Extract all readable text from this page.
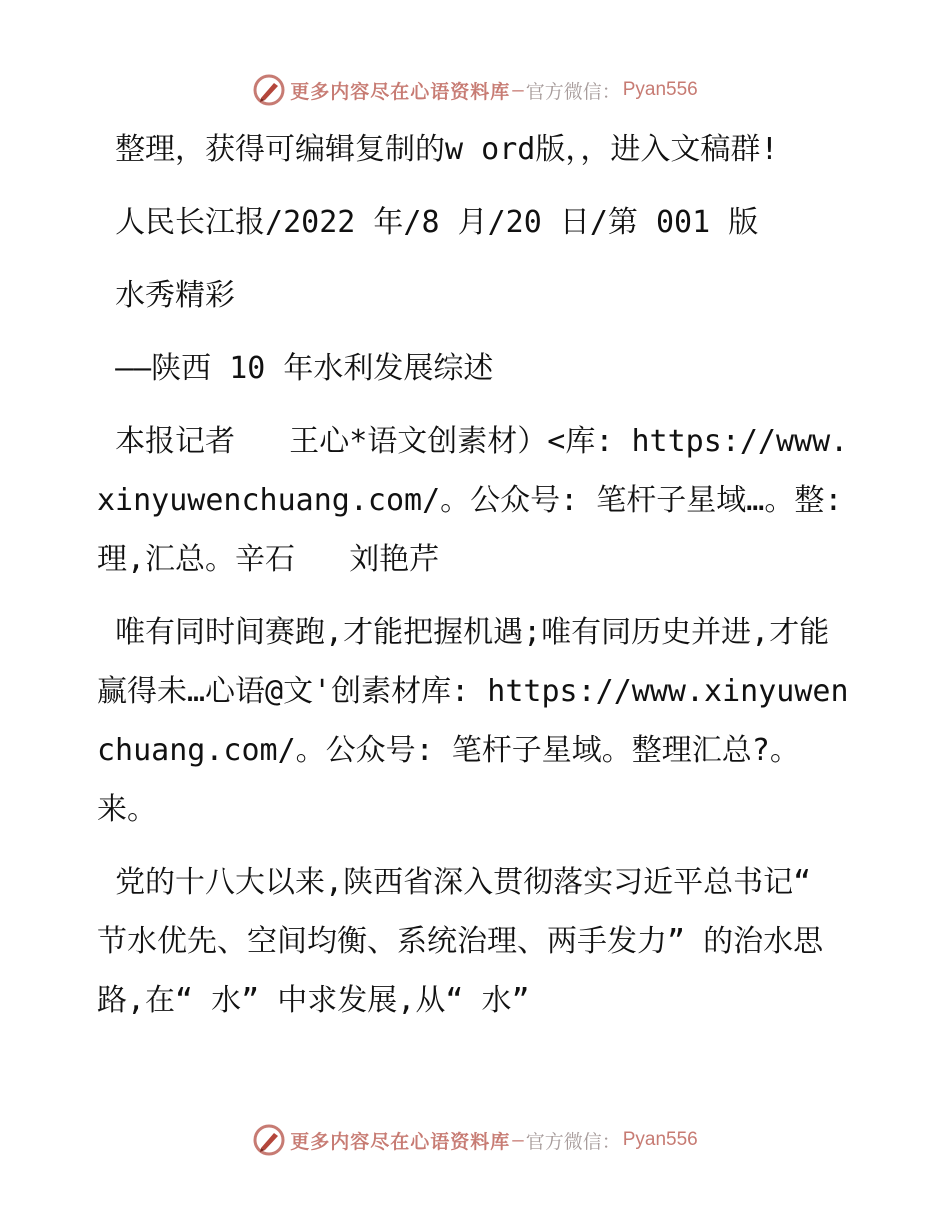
更多内容尽在心语资料库 — 官方微信： Pyan556

整理，获得可编辑复制的w ord版，，进入文稿群!

人民长江报/2022 年/8 月/20 日/第 001 版

水秀精彩

——陕西 10 年水利发展综述

本报记者   王心*语文创素材）<库: https://www.xinyuwenchuang.com/。公众号: 笔杆子星域…。整:理,汇总。辛石   刘艳芹

唯有同时间赛跑,才能把握机遇;唯有同历史并进,才能赢得未…心语@文'创素材库: https://www.xinyuwenchuang.com/。公众号: 笔杆子星域。整理汇总?。来。

党的十八大以来,陕西省深入贯彻落实习近平总书记“ 节水优先、空间均衡、系统治理、两手发力” 的治水思路,在“ 水” 中求发展,从“ 水”

更多内容尽在心语资料库 — 官方微信： Pyan556
